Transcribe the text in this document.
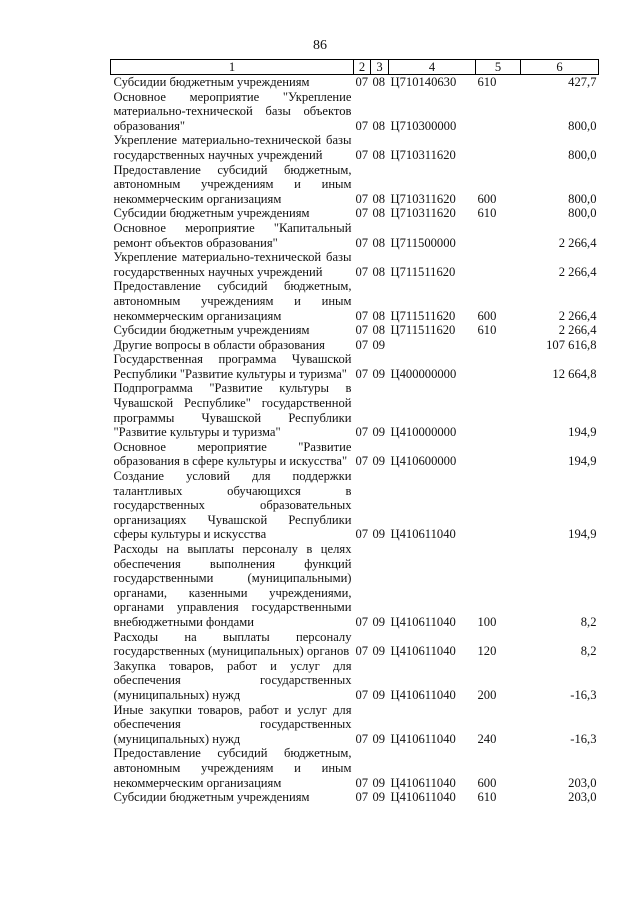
86
1	2	3	4	5	6
Субсидии бюджетным учреждениям	07	08	Ц710140630	610	427,7
Основное мероприятие "Укрепление материально-технической базы объектов образования"	07	08	Ц710300000		800,0
Укрепление материально-технической базы государственных научных учреждений	07	08	Ц710311620		800,0
Предоставление субсидий бюджетным, автономным учреждениям и иным некоммерческим организациям	07	08	Ц710311620	600	800,0
Субсидии бюджетным учреждениям	07	08	Ц710311620	610	800,0
Основное мероприятие "Капитальный ремонт объектов образования"	07	08	Ц711500000		2 266,4
Укрепление материально-технической базы государственных научных учреждений	07	08	Ц711511620		2 266,4
Предоставление субсидий бюджетным, автономным учреждениям и иным некоммерческим организациям	07	08	Ц711511620	600	2 266,4
Субсидии бюджетным учреждениям	07	08	Ц711511620	610	2 266,4
Другие вопросы в области образования	07	09			107 616,8
Государственная программа Чувашской Республики "Развитие культуры и туризма"	07	09	Ц400000000		12 664,8
Подпрограмма "Развитие культуры в Чувашской Республике" государственной программы Чувашской Республики "Развитие культуры и туризма"	07	09	Ц410000000		194,9
Основное мероприятие "Развитие образования в сфере культуры и искусства"	07	09	Ц410600000		194,9
Создание условий для поддержки талантливых обучающихся в государственных образовательных организациях Чувашской Республики сферы культуры и искусства	07	09	Ц410611040		194,9
Расходы на выплаты персоналу в целях обеспечения выполнения функций государственными (муниципальными) органами, казенными учреждениями, органами управления государственными внебюджетными фондами	07	09	Ц410611040	100	8,2
Расходы на выплаты персоналу государственных (муниципальных) органов	07	09	Ц410611040	120	8,2
Закупка товаров, работ и услуг для обеспечения государственных (муниципальных) нужд	07	09	Ц410611040	200	-16,3
Иные закупки товаров, работ и услуг для обеспечения государственных (муниципальных) нужд	07	09	Ц410611040	240	-16,3
Предоставление субсидий бюджетным, автономным учреждениям и иным некоммерческим организациям	07	09	Ц410611040	600	203,0
Субсидии бюджетным учреждениям	07	09	Ц410611040	610	203,0
